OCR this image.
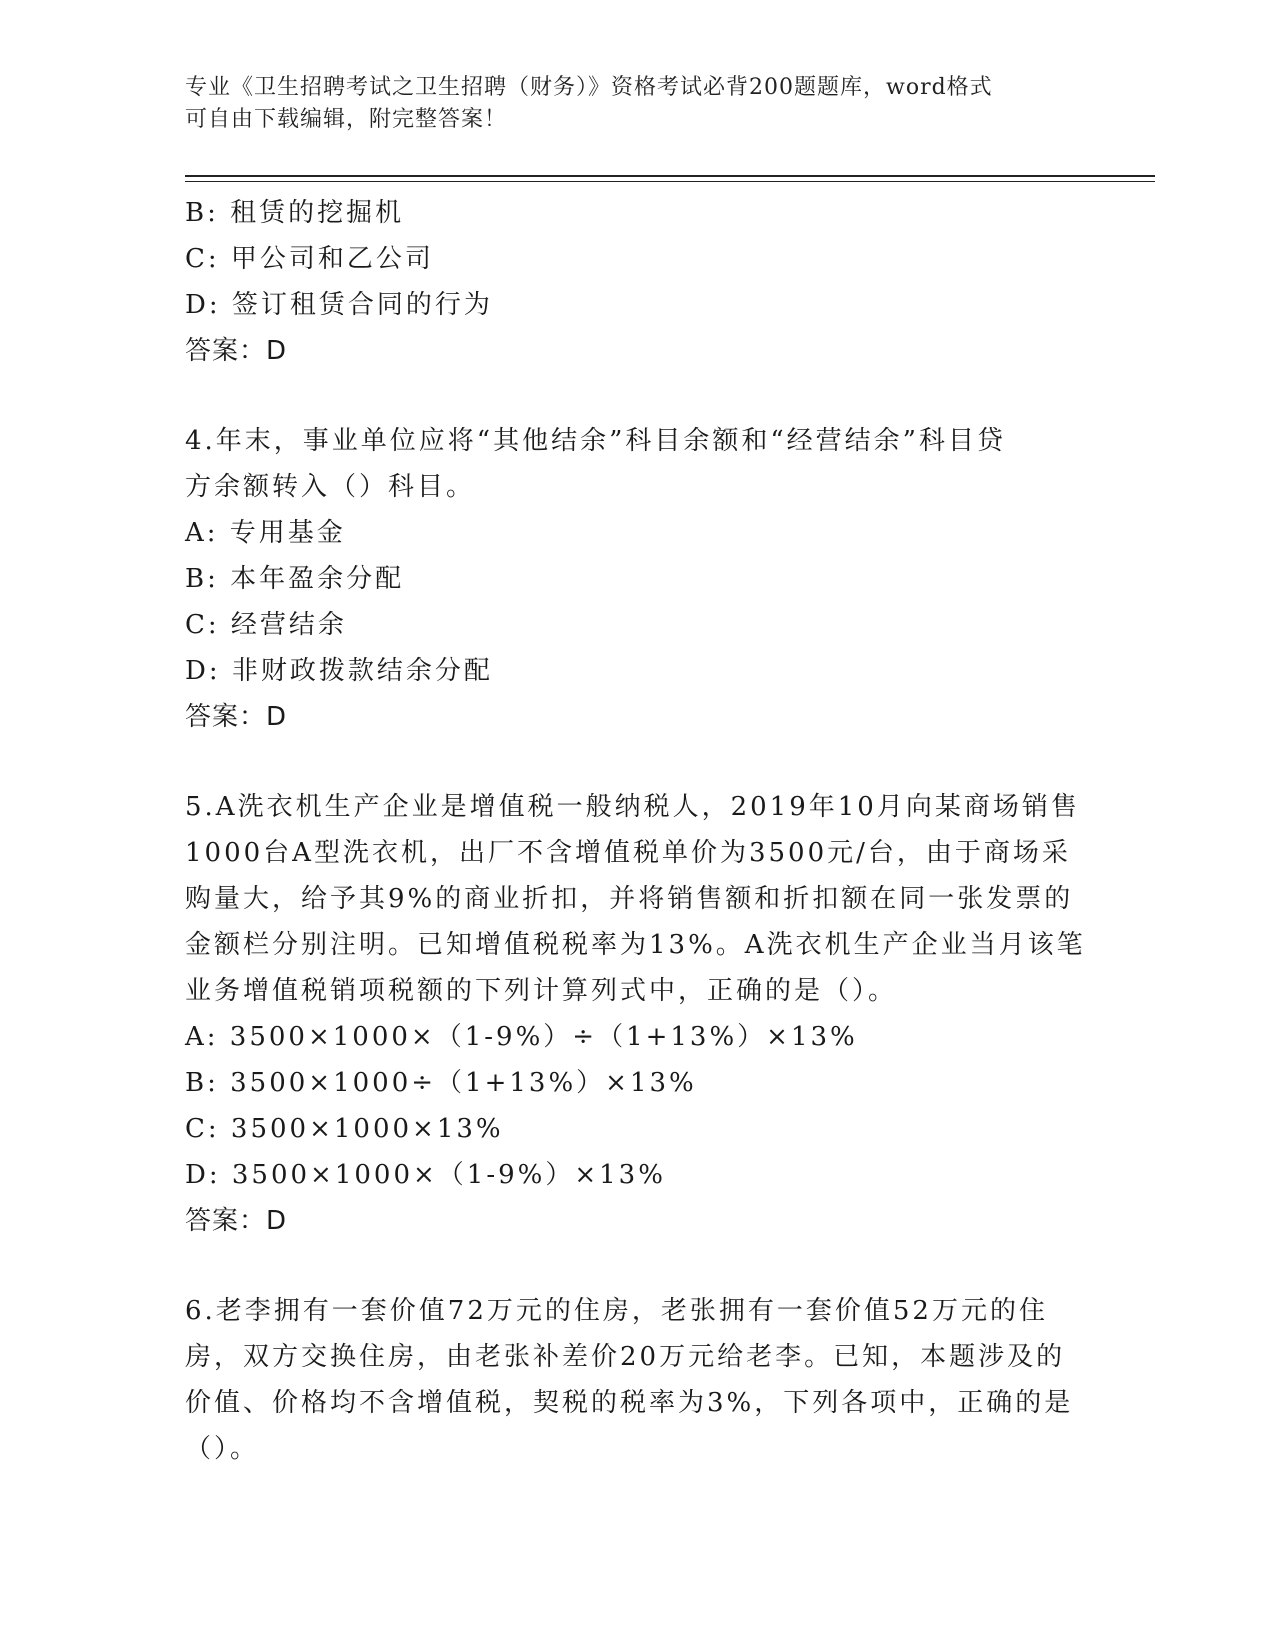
专业《卫生招聘考试之卫生招聘（财务）》资格考试必背200题题库，word格式
可自由下载编辑，附完整答案！
B: 租赁的挖掘机
C: 甲公司和乙公司
D: 签订租赁合同的行为
答案：D
4.年末，事业单位应将“其他结余”科目余额和“经营结余”科目贷
方余额转入（）科目。
A: 专用基金
B: 本年盈余分配
C: 经营结余
D: 非财政拨款结余分配
答案：D
5.A洗衣机生产企业是增值税一般纳税人，2019年10月向某商场销售
1000台A型洗衣机，出厂不含增值税单价为3500元/台，由于商场采
购量大，给予其9%的商业折扣，并将销售额和折扣额在同一张发票的
金额栏分别注明。已知增值税税率为13%。A洗衣机生产企业当月该笔
业务增值税销项税额的下列计算列式中，正确的是（）。
A: 3500×1000×（1-9%）÷（1+13%）×13%
B: 3500×1000÷（1+13%）×13%
C: 3500×1000×13%
D: 3500×1000×（1-9%）×13%
答案：D
6.老李拥有一套价值72万元的住房，老张拥有一套价值52万元的住
房，双方交换住房，由老张补差价20万元给老李。已知，本题涉及的
价值、价格均不含增值税，契税的税率为3%，下列各项中，正确的是
（）。
